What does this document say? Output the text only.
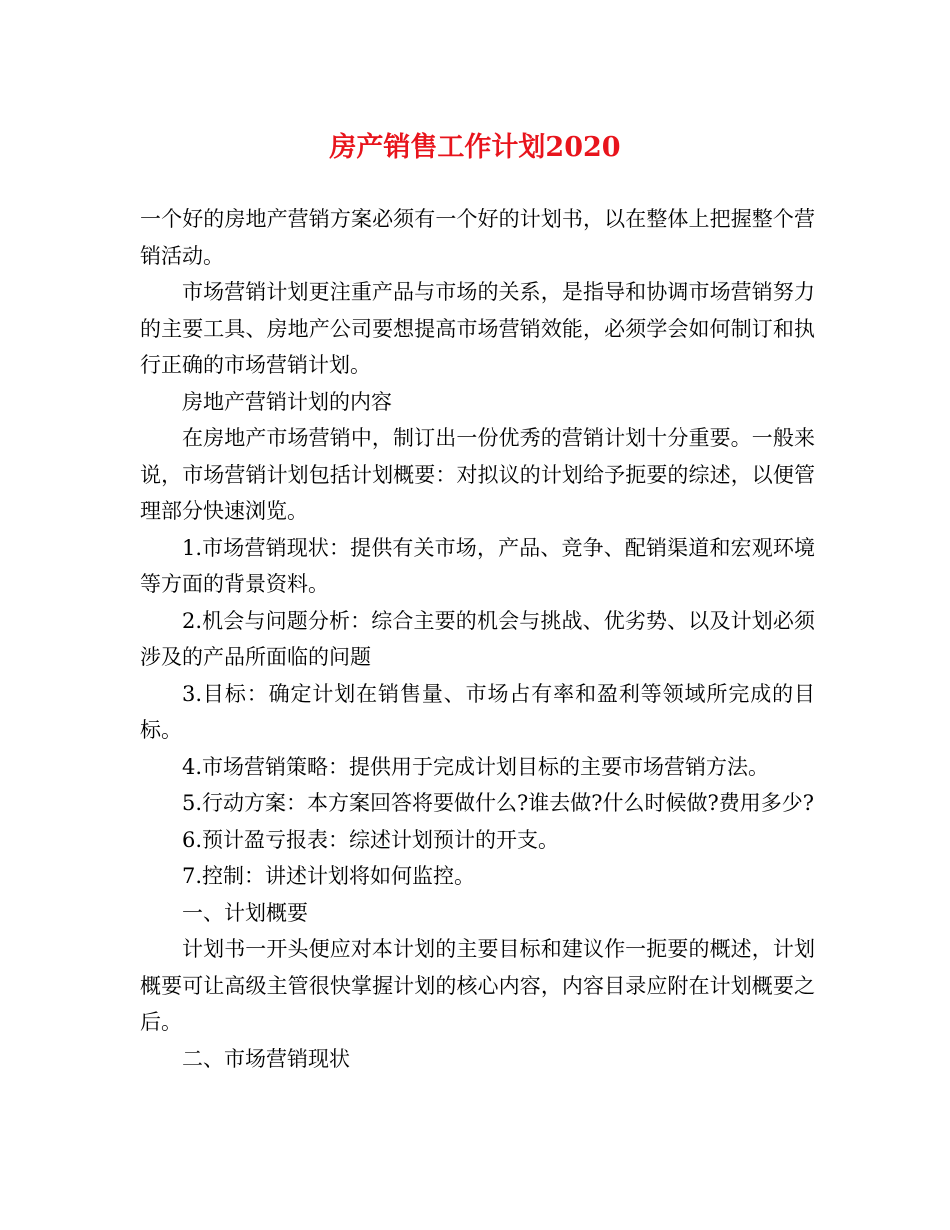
房产销售工作计划2020

一个好的房地产营销方案必须有一个好的计划书，以在整体上把握整个营销活动。

市场营销计划更注重产品与市场的关系，是指导和协调市场营销努力的主要工具、房地产公司要想提高市场营销效能，必须学会如何制订和执行正确的市场营销计划。

房地产营销计划的内容

在房地产市场营销中，制订出一份优秀的营销计划十分重要。一般来说，市场营销计划包括计划概要：对拟议的计划给予扼要的综述，以便管理部分快速浏览。

1.市场营销现状：提供有关市场，产品、竞争、配销渠道和宏观环境等方面的背景资料。

2.机会与问题分析：综合主要的机会与挑战、优劣势、以及计划必须涉及的产品所面临的问题

3.目标：确定计划在销售量、市场占有率和盈利等领域所完成的目标。

4.市场营销策略：提供用于完成计划目标的主要市场营销方法。

5.行动方案：本方案回答将要做什么?谁去做?什么时候做?费用多少?

6.预计盈亏报表：综述计划预计的开支。

7.控制：讲述计划将如何监控。

一、计划概要

计划书一开头便应对本计划的主要目标和建议作一扼要的概述，计划概要可让高级主管很快掌握计划的核心内容，内容目录应附在计划概要之后。

二、市场营销现状
